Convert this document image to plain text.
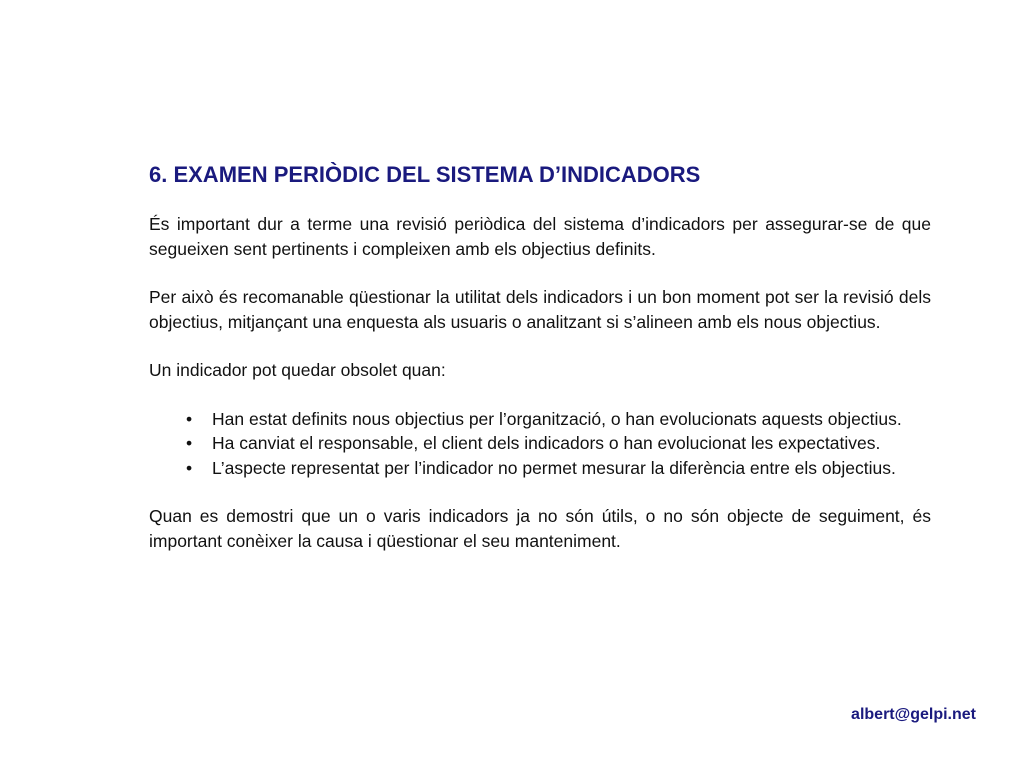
6. EXAMEN PERIÒDIC DEL SISTEMA D’INDICADORS

És important dur a terme una revisió periòdica del sistema d’indicadors per assegurar-se de que segueixen sent pertinents i compleixen amb els objectius definits.

Per això és recomanable qüestionar la utilitat dels indicadors i un bon moment pot ser la revisió dels objectius, mitjançant una enquesta als usuaris o analitzant si s’alineen amb els nous objectius.

Un indicador pot quedar obsolet quan:

• Han estat definits nous objectius per l’organització, o han evolucionats aquests objectius.
• Ha canviat el responsable, el client dels indicadors o han evolucionat les expectatives.
• L’aspecte representat per l’indicador no permet mesurar la diferència entre els objectius.

Quan es demostri que un o varis indicadors ja no són útils, o no són objecte de seguiment, és important conèixer la causa i qüestionar el seu manteniment.

albert@gelpi.net
